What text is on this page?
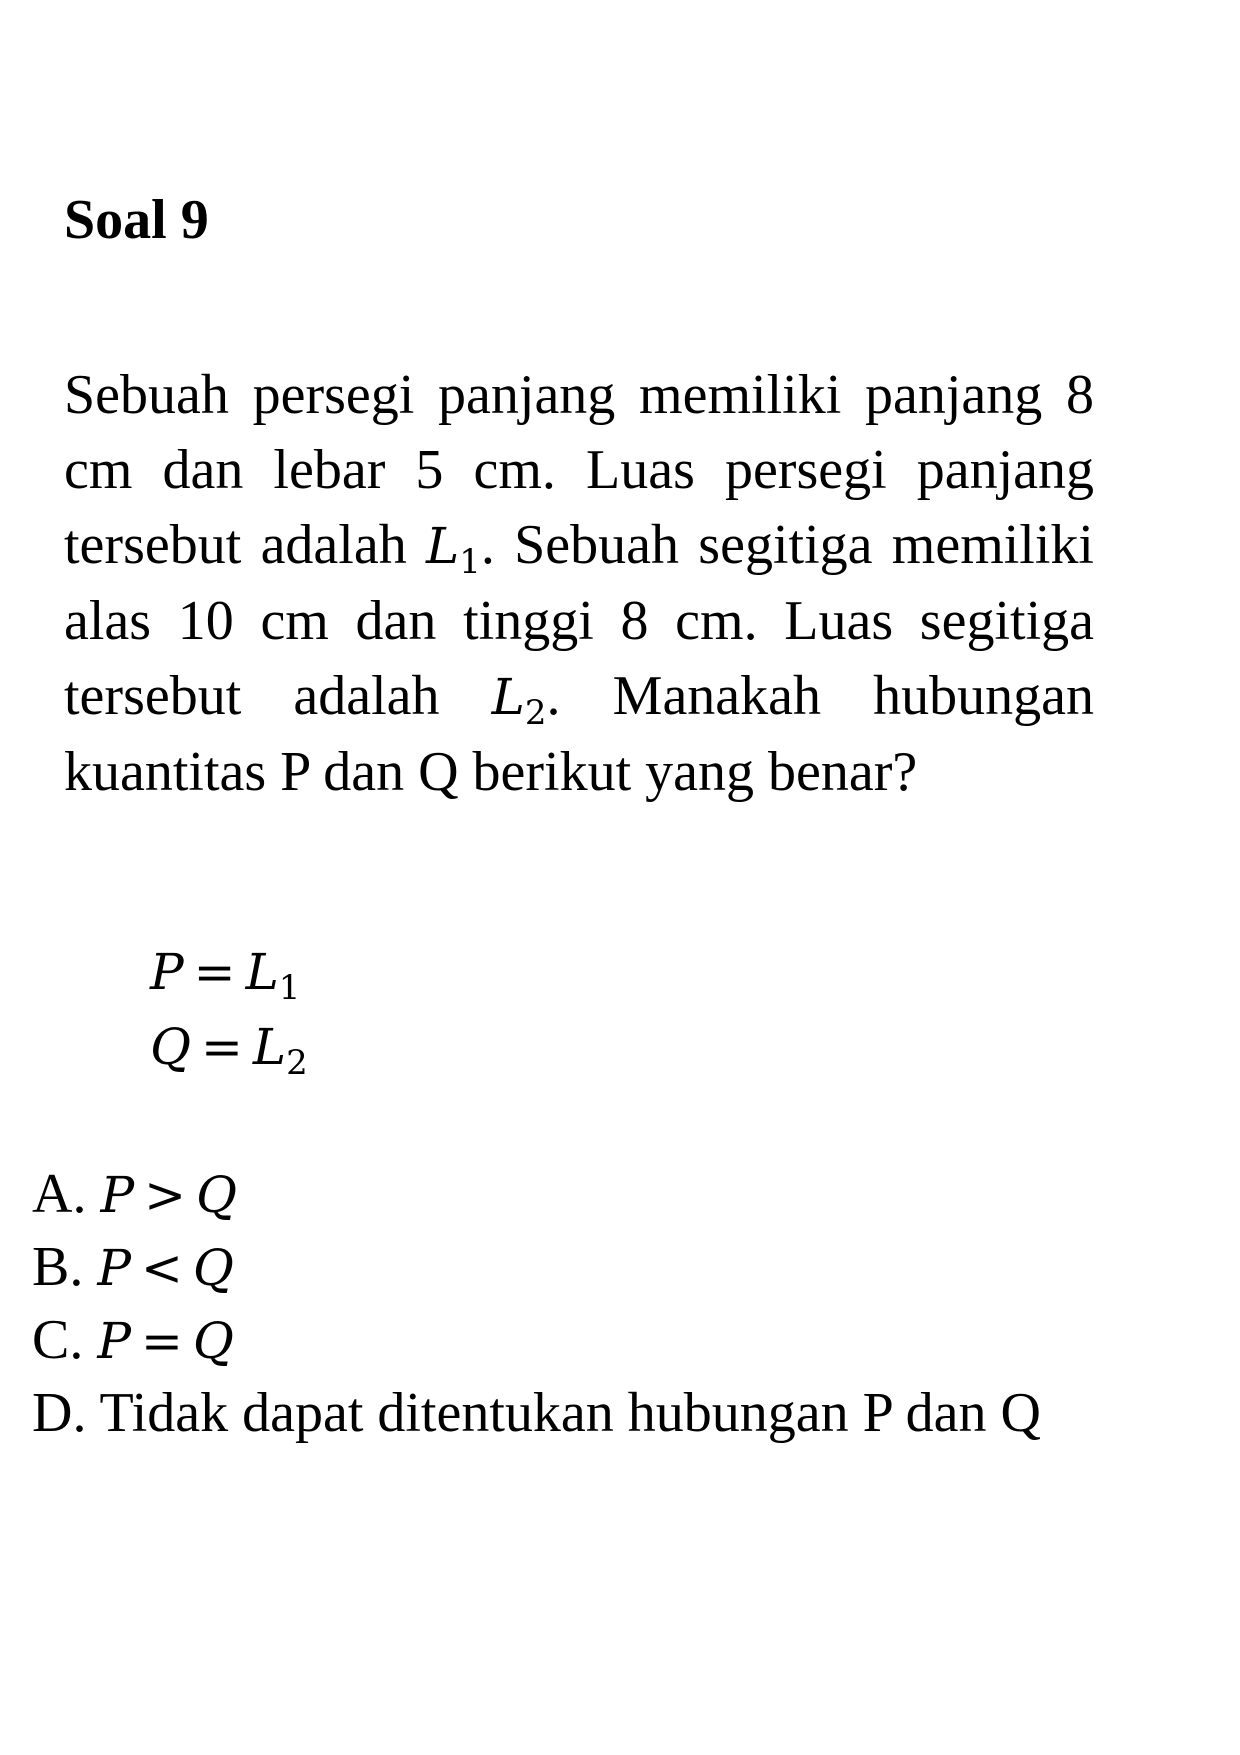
Soal 9

Sebuah persegi panjang memiliki panjang 8 cm dan lebar 5 cm. Luas persegi panjang tersebut adalah $L_1$. Sebuah segitiga memiliki alas 10 cm dan tinggi 8 cm. Luas segitiga tersebut adalah $L_2$. Manakah hubungan kuantitas P dan Q berikut yang benar?

$P = L_1$
$Q = L_2$
A. P > Q
B. P < Q
C. P = Q
D. Tidak dapat ditentukan hubungan P dan Q
